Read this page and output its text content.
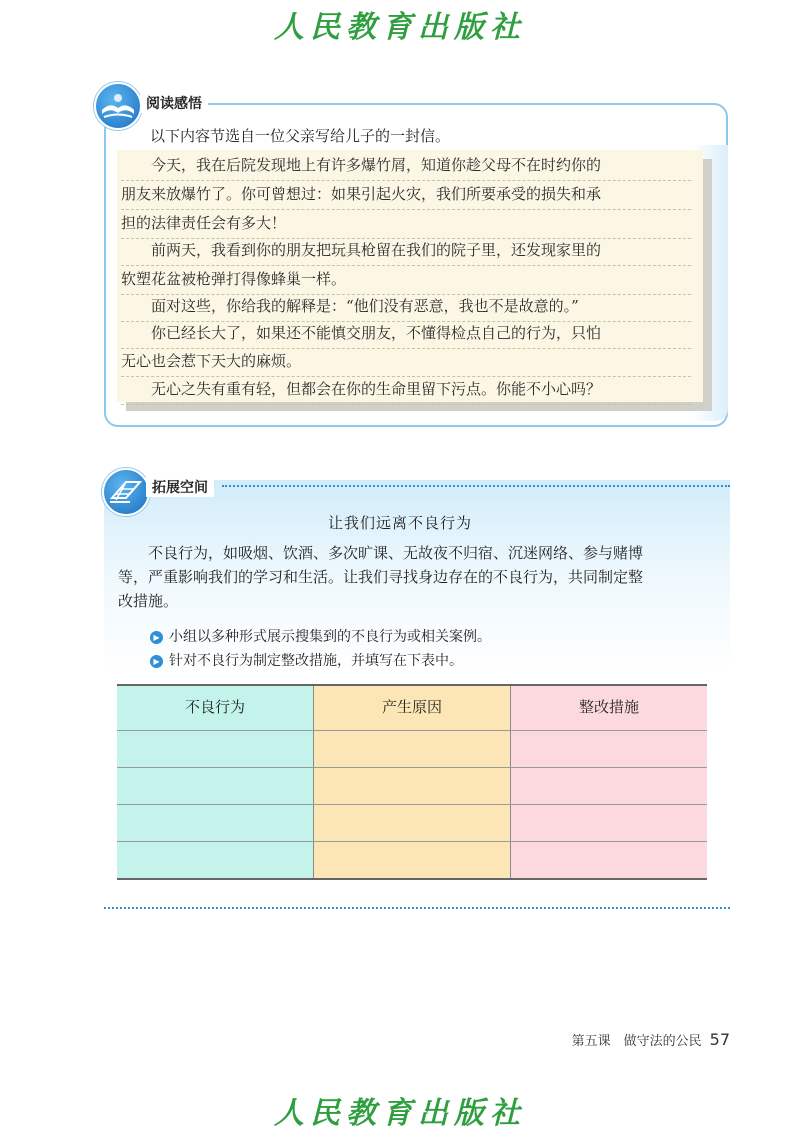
人民教育出版社
阅读感悟
以下内容节选自一位父亲写给儿子的一封信。
　　今天，我在后院发现地上有许多爆竹屑，知道你趁父母不在时约你的
朋友来放爆竹了。你可曾想过：如果引起火灾，我们所要承受的损失和承
担的法律责任会有多大！
　　前两天，我看到你的朋友把玩具枪留在我们的院子里，还发现家里的
软塑花盆被枪弹打得像蜂巢一样。
　　面对这些，你给我的解释是：“他们没有恶意，我也不是故意的。”
　　你已经长大了，如果还不能慎交朋友，不懂得检点自己的行为，只怕
无心也会惹下天大的麻烦。
　　无心之失有重有轻，但都会在你的生命里留下污点。你能不小心吗？
拓展空间
让我们远离不良行为
　　不良行为，如吸烟、饮酒、多次旷课、无故夜不归宿、沉迷网络、参与赌博
等，严重影响我们的学习和生活。让我们寻找身边存在的不良行为，共同制定整
改措施。
▶ 小组以多种形式展示搜集到的不良行为或相关案例。
▶ 针对不良行为制定整改措施，并填写在下表中。
不良行为	产生原因	整改措施
第五课　做守法的公民 57
人民教育出版社
